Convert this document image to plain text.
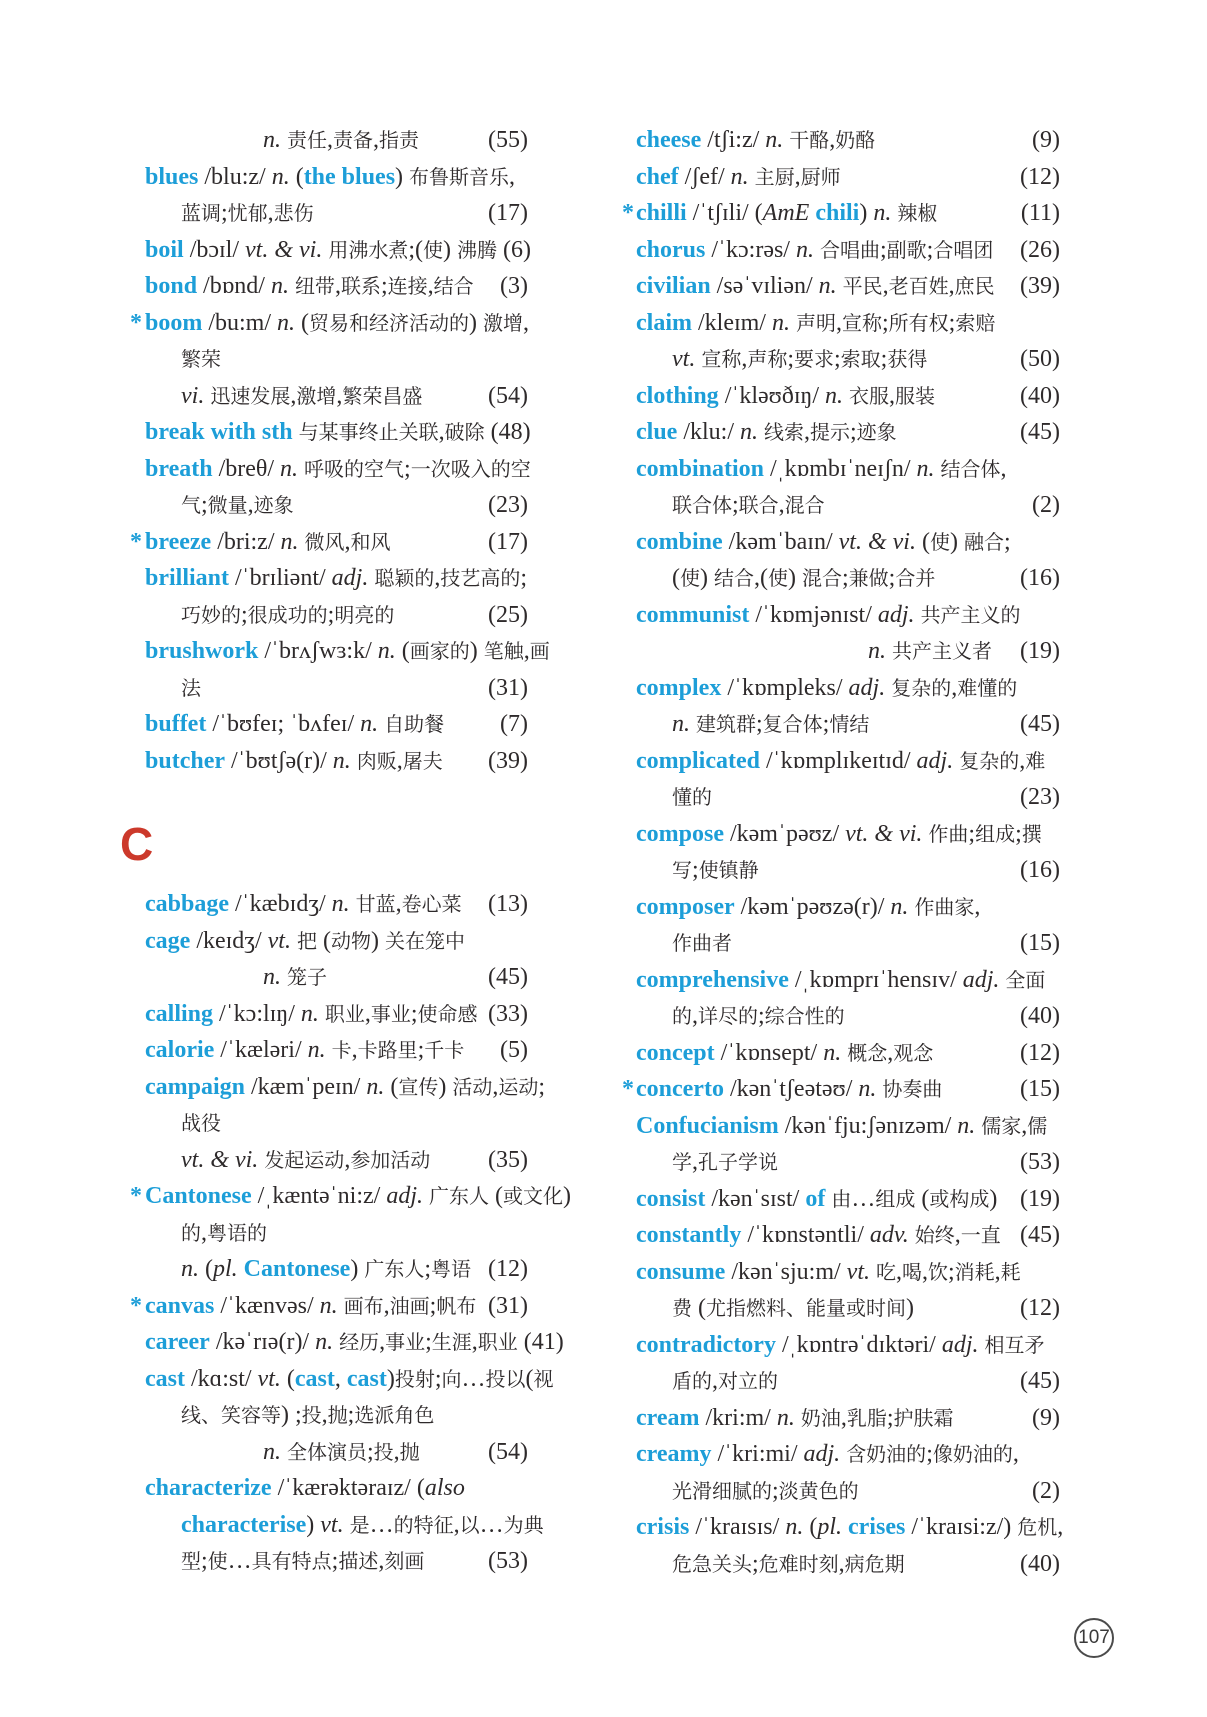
n. 责任,责备,指责	(55)
blues /blu:z/ n. (the blues) 布鲁斯音乐,
蓝调;忧郁,悲伤	(17)
boil /bɔɪl/ vt. & vi. 用沸水煮;(使) 沸腾 (6)
bond /bɒnd/ n. 纽带,联系;连接,结合	(3)
* boom /bu:m/ n. (贸易和经济活动的) 激增,
繁荣
vi. 迅速发展,激增,繁荣昌盛	(54)
break with sth 与某事终止关联,破除 (48)
breath /breθ/ n. 呼吸的空气;一次吸入的空
气;微量,迹象	(23)
* breeze /bri:z/ n. 微风,和风	(17)
brilliant /ˈbrɪliənt/ adj. 聪颖的,技艺高的;
巧妙的;很成功的;明亮的	(25)
brushwork /ˈbrʌʃwɜ:k/ n. (画家的) 笔触,画
法	(31)
buffet /ˈbʊfeɪ; ˈbʌfeɪ/ n. 自助餐	(7)
butcher /ˈbʊtʃə(r)/ n. 肉贩,屠夫	(39)
C
cabbage /ˈkæbɪdʒ/ n. 甘蓝,卷心菜	(13)
cage /keɪdʒ/ vt. 把 (动物) 关在笼中
n. 笼子	(45)
calling /ˈkɔ:lɪŋ/ n. 职业,事业;使命感 (33)
calorie /ˈkæləri/ n. 卡,卡路里;千卡	(5)
campaign /kæmˈpeɪn/ n. (宣传) 活动,运动;
战役
vt. & vi. 发起运动,参加活动	(35)
* Cantonese /ˌkæntəˈni:z/ adj. 广东人 (或文化)
的,粤语的
n. (pl. Cantonese) 广东人;粤语 (12)
* canvas /ˈkænvəs/ n. 画布,油画;帆布 (31)
career /kəˈrɪə(r)/ n. 经历,事业;生涯,职业 (41)
cast /kɑ:st/ vt. (cast, cast)投射;向…投以(视
线、笑容等) ;投,抛;选派角色
n. 全体演员;投,抛	(54)
characterize /ˈkærəktəraɪz/ (also
characterise) vt. 是…的特征,以…为典
型;使…具有特点;描述,刻画	(53)
cheese /tʃi:z/ n. 干酪,奶酪	(9)
chef /ʃef/ n. 主厨,厨师	(12)
* chilli /ˈtʃɪli/ (AmE chili) n. 辣椒	(11)
chorus /ˈkɔ:rəs/ n. 合唱曲;副歌;合唱团	(26)
civilian /səˈvɪliən/ n. 平民,老百姓,庶民	(39)
claim /kleɪm/ n. 声明,宣称;所有权;索赔
vt. 宣称,声称;要求;索取;获得	(50)
clothing /ˈkləʊðɪŋ/ n. 衣服,服装	(40)
clue /klu:/ n. 线索,提示;迹象	(45)
combination /ˌkɒmbɪˈneɪʃn/ n. 结合体,
联合体;联合,混合	(2)
combine /kəmˈbaɪn/ vt. & vi. (使) 融合;
(使) 结合,(使) 混合;兼做;合并	(16)
communist /ˈkɒmjənɪst/ adj. 共产主义的
n. 共产主义者	(19)
complex /ˈkɒmpleks/ adj. 复杂的,难懂的
n. 建筑群;复合体;情结	(45)
complicated /ˈkɒmplɪkeɪtɪd/ adj. 复杂的,难
懂的	(23)
compose /kəmˈpəʊz/ vt. & vi. 作曲;组成;撰
写;使镇静	(16)
composer /kəmˈpəʊzə(r)/ n. 作曲家,
作曲者	(15)
comprehensive /ˌkɒmprɪˈhensɪv/ adj. 全面
的,详尽的;综合性的	(40)
concept /ˈkɒnsept/ n. 概念,观念	(12)
* concerto /kənˈtʃeətəʊ/ n. 协奏曲	(15)
Confucianism /kənˈfju:ʃənɪzəm/ n. 儒家,儒
学,孔子学说	(53)
consist /kənˈsɪst/ of 由…组成 (或构成) (19)
constantly /ˈkɒnstəntli/ adv. 始终,一直 (45)
consume /kənˈsju:m/ vt. 吃,喝,饮;消耗,耗
费 (尤指燃料、能量或时间)	(12)
contradictory /ˌkɒntrəˈdɪktəri/ adj. 相互矛
盾的,对立的	(45)
cream /kri:m/ n. 奶油,乳脂;护肤霜	(9)
creamy /ˈkri:mi/ adj. 含奶油的;像奶油的,
光滑细腻的;淡黄色的	(2)
crisis /ˈkraɪsɪs/ n. (pl. crises /ˈkraɪsi:z/) 危机,
危急关头;危难时刻,病危期	(40)
107
